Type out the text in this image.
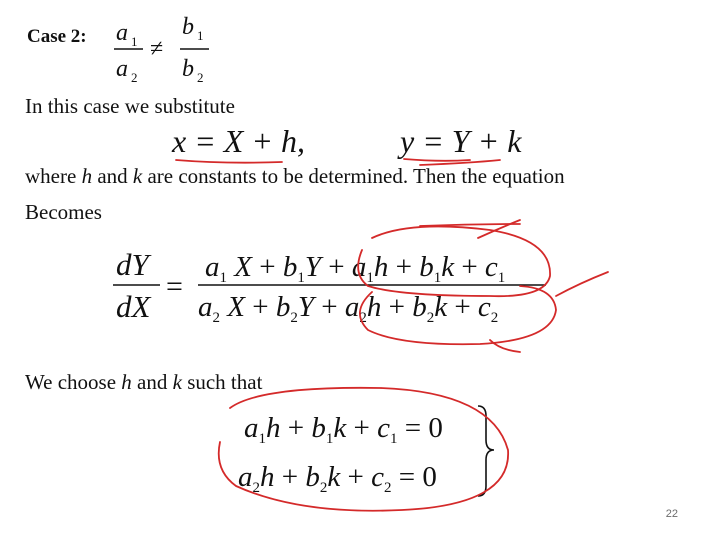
Case 2:
In this case we substitute
where h and k are constants to be determined. Then the equation
Becomes
We choose h and k such that
a 1
a 2
≠
b 1
b 2
x = X + h,	y = Y + k
dY
dX
=
$a_1$ $X + b_1Y + a_1h + b_1k + c_1$
$a_2$ $X + b_2Y + a_2h + b_2k + c_2$
$a_1h + b_1k + c_1 = 0$
$a_2h + b_2k + c_2 = 0$
22
